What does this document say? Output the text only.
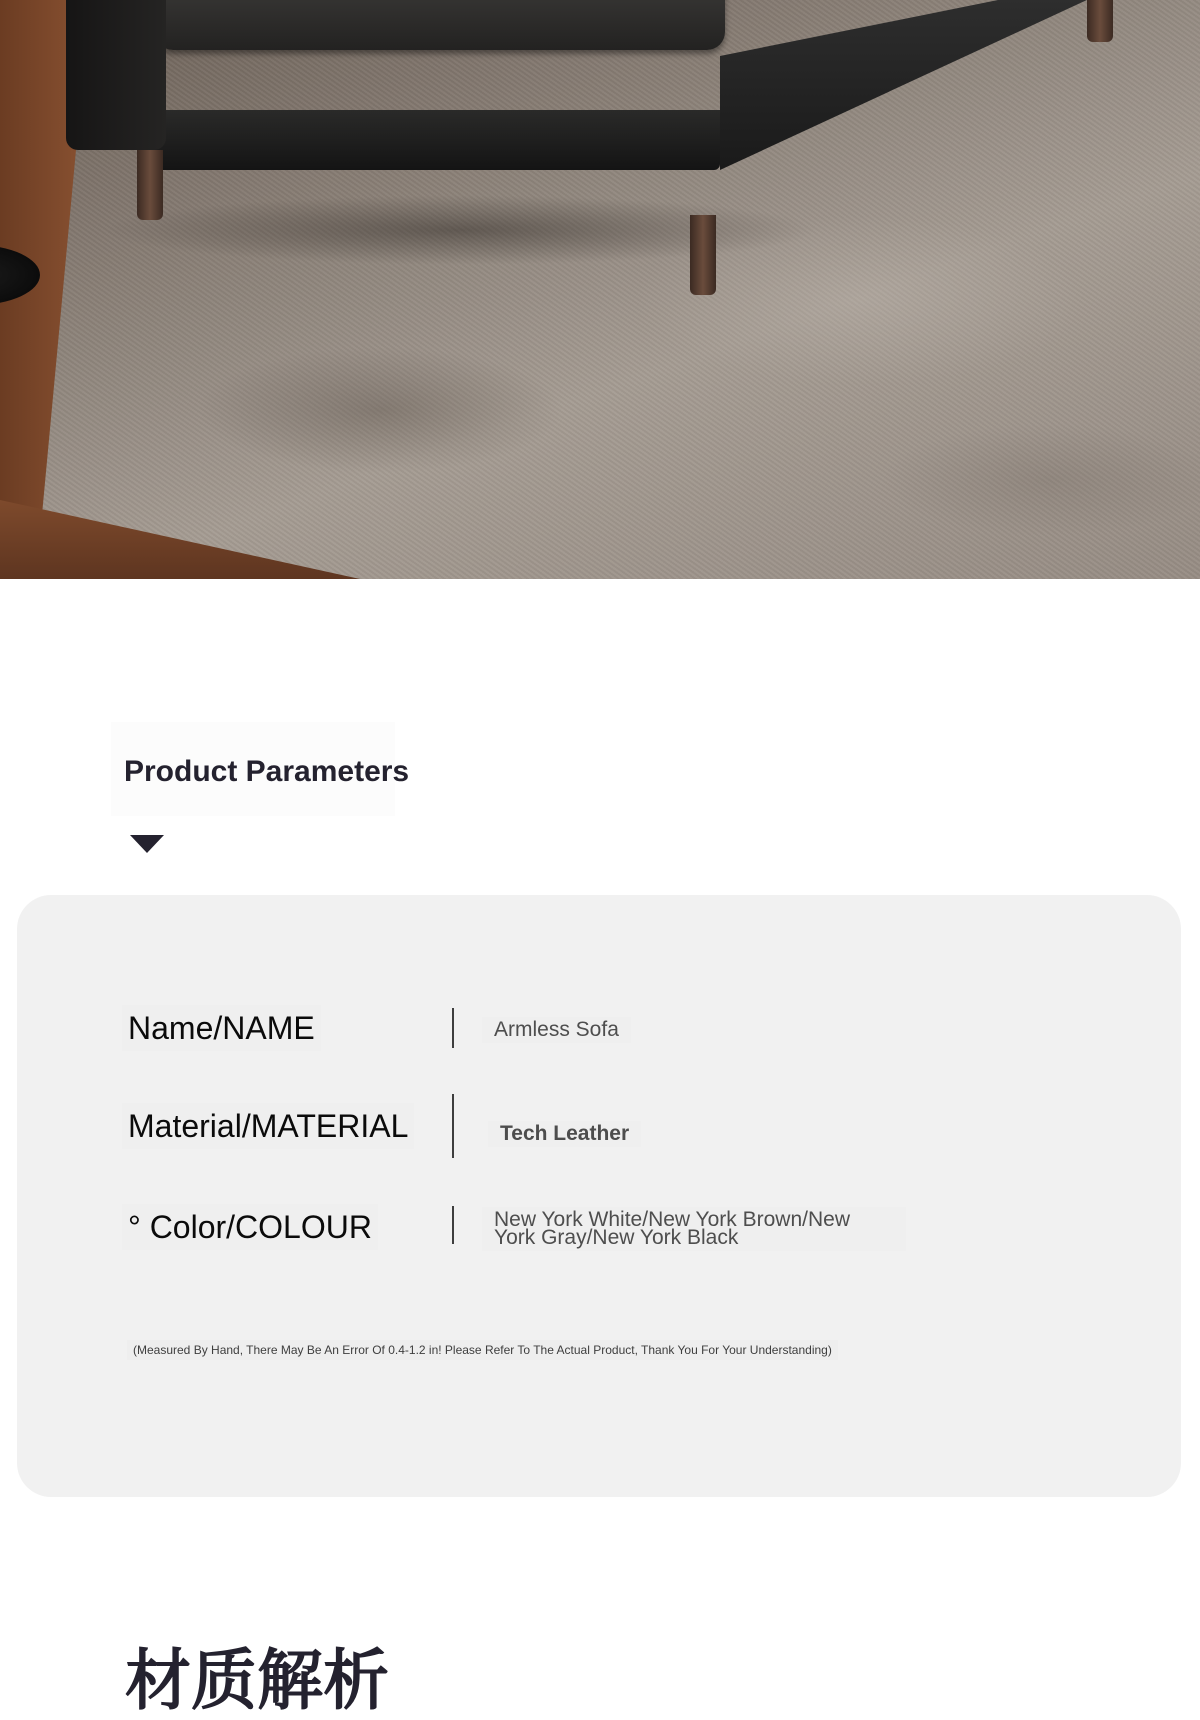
Product Parameters
Name/NAME	Armless Sofa
Material/MATERIAL	Tech Leather
° Color/COLOUR	New York White/New York Brown/New York Gray/New York Black
(Measured By Hand, There May Be An Error Of 0.4-1.2 in! Please Refer To The Actual Product, Thank You For Your Understanding)
材质解析
